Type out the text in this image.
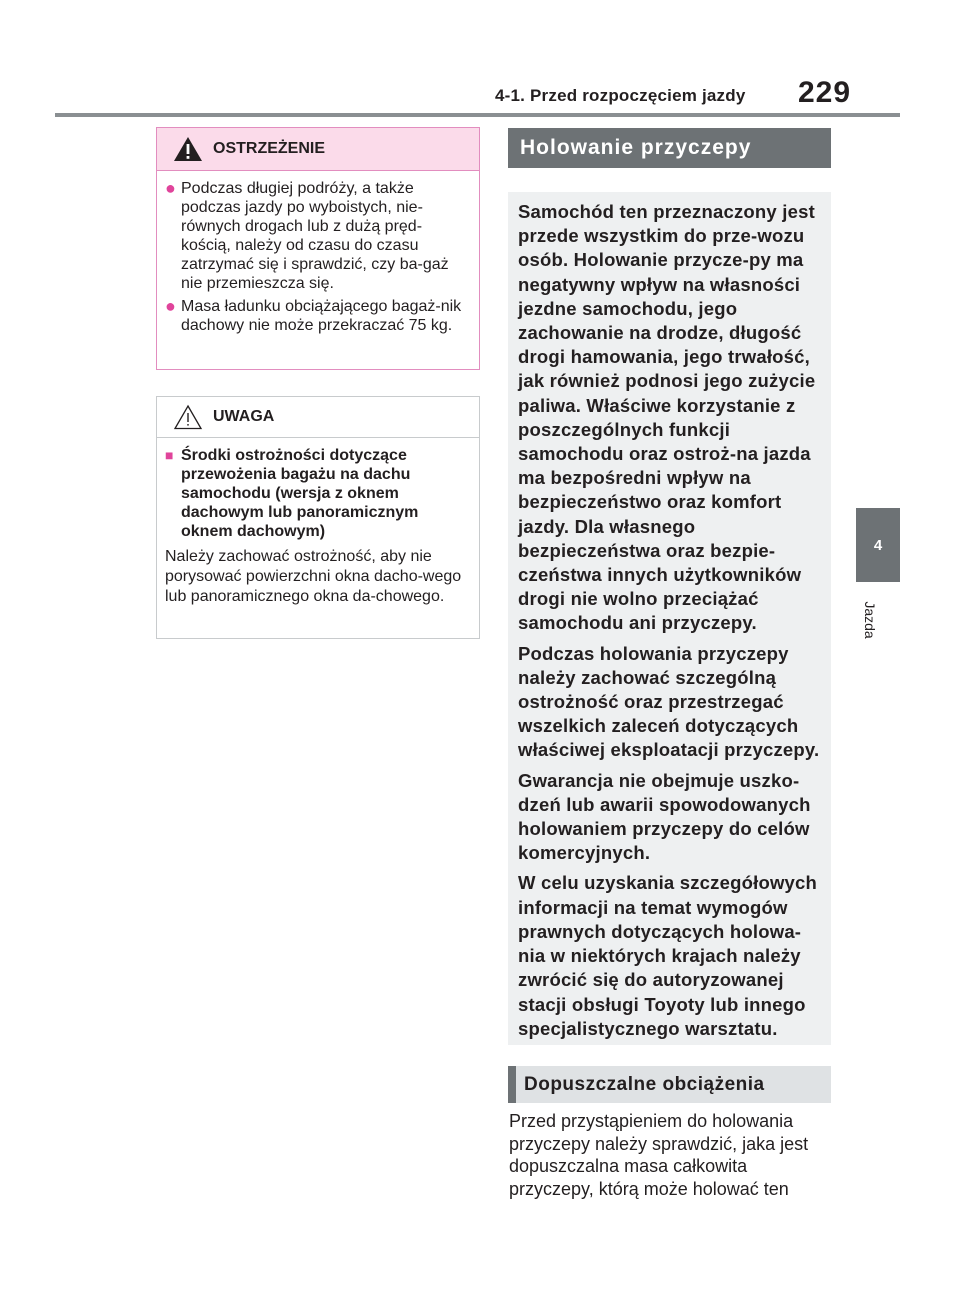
4-1. Przed rozpoczęciem jazdy 229
4
Jazda
OSTRZEŻENIE
● Podczas długiej podróży, a także podczas jazdy po wyboistych, nie-równych drogach lub z dużą pręd-kością, należy od czasu do czasu zatrzymać się i sprawdzić, czy ba-gaż nie przemieszcza się.
● Masa ładunku obciążającego bagaż-nik dachowy nie może przekraczać 75 kg.
UWAGA
■ Środki ostrożności dotyczące przewożenia bagażu na dachu samochodu (wersja z oknem dachowym lub panoramicznym oknem dachowym)
Należy zachować ostrożność, aby nie porysować powierzchni okna dacho-wego lub panoramicznego okna da-chowego.
Holowanie przyczepy

Samochód ten przeznaczony jest przede wszystkim do prze-wozu osób. Holowanie przycze-py ma negatywny wpływ na własności jezdne samochodu, jego zachowanie na drodze, długość drogi hamowania, jego trwałość, jak również podnosi jego zużycie paliwa. Właściwe korzystanie z poszczególnych funkcji samochodu oraz ostroż-na jazda ma bezpośredni wpływ na bezpieczeństwo oraz komfort jazdy. Dla własnego bezpieczeństwa oraz bezpie-czeństwa innych użytkowników drogi nie wolno przeciążać samochodu ani przyczepy.

Podczas holowania przyczepy należy zachować szczególną ostrożność oraz przestrzegać wszelkich zaleceń dotyczących właściwej eksploatacji przyczepy.

Gwarancja nie obejmuje uszko-dzeń lub awarii spowodowanych holowaniem przyczepy do celów komercyjnych.

W celu uzyskania szczegółowych informacji na temat wymogów prawnych dotyczących holowa-nia w niektórych krajach należy zwrócić się do autoryzowanej stacji obsługi Toyoty lub innego specjalistycznego warsztatu.

Dopuszczalne obciążenia

Przed przystąpieniem do holowania przyczepy należy sprawdzić, jaka jest dopuszczalna masa całkowita przyczepy, którą może holować ten
